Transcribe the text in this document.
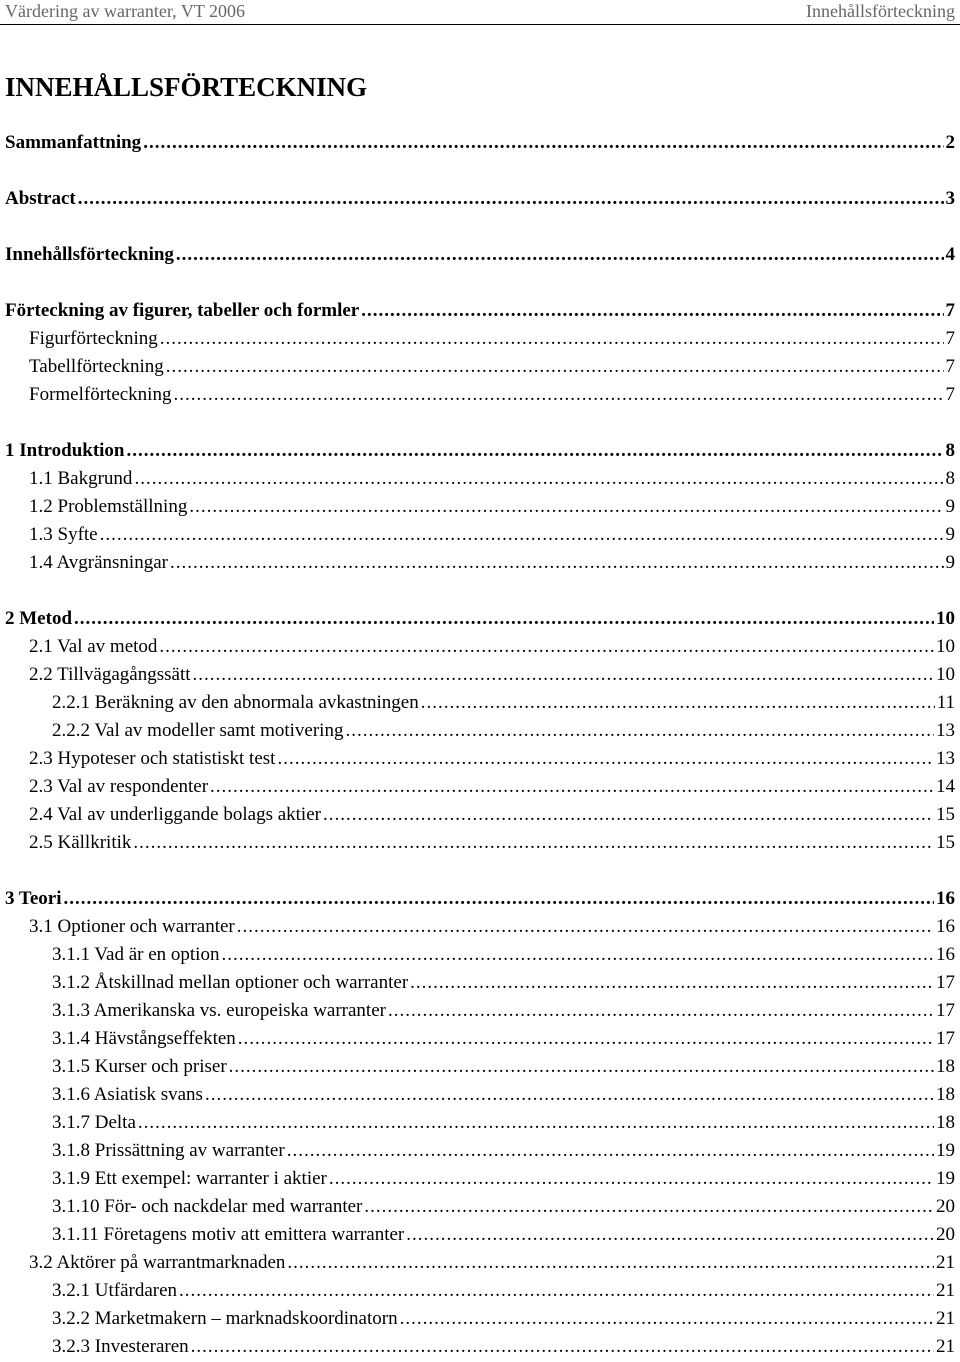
Värdering av warranter, VT 2006	Innehållsförteckning
INNEHÅLLSFÖRTECKNING
Sammanfattning .....	2
Abstract .....	3
Innehållsförteckning .....	4
Förteckning av figurer, tabeller och formler .....	7
Figurförteckning .....	7
Tabellförteckning .....	7
Formelförteckning .....	7
1 Introduktion .....	8
1.1 Bakgrund .....	8
1.2 Problemställning .....	9
1.3 Syfte .....	9
1.4 Avgränsningar .....	9
2 Metod .....	10
2.1 Val av metod .....	10
2.2 Tillvägagångssätt .....	10
2.2.1 Beräkning av den abnormala avkastningen .....	11
2.2.2 Val av modeller samt motivering .....	13
2.3 Hypoteser och statistiskt test .....	13
2.3 Val av respondenter .....	14
2.4 Val av underliggande bolags aktier .....	15
2.5 Källkritik .....	15
3 Teori .....	16
3.1 Optioner och warranter .....	16
3.1.1 Vad är en option .....	16
3.1.2 Åtskillnad mellan optioner och warranter .....	17
3.1.3 Amerikanska vs. europeiska warranter .....	17
3.1.4 Hävstångseffekten .....	17
3.1.5 Kurser och priser .....	18
3.1.6 Asiatisk svans .....	18
3.1.7 Delta .....	18
3.1.8 Prissättning av warranter .....	19
3.1.9 Ett exempel: warranter i aktier .....	19
3.1.10 För- och nackdelar med warranter .....	20
3.1.11 Företagens motiv att emittera warranter .....	20
3.2 Aktörer på warrantmarknaden .....	21
3.2.1 Utfärdaren .....	21
3.2.2 Marketmakern – marknadskoordinatorn .....	21
3.2.3 Investeraren .....	21
